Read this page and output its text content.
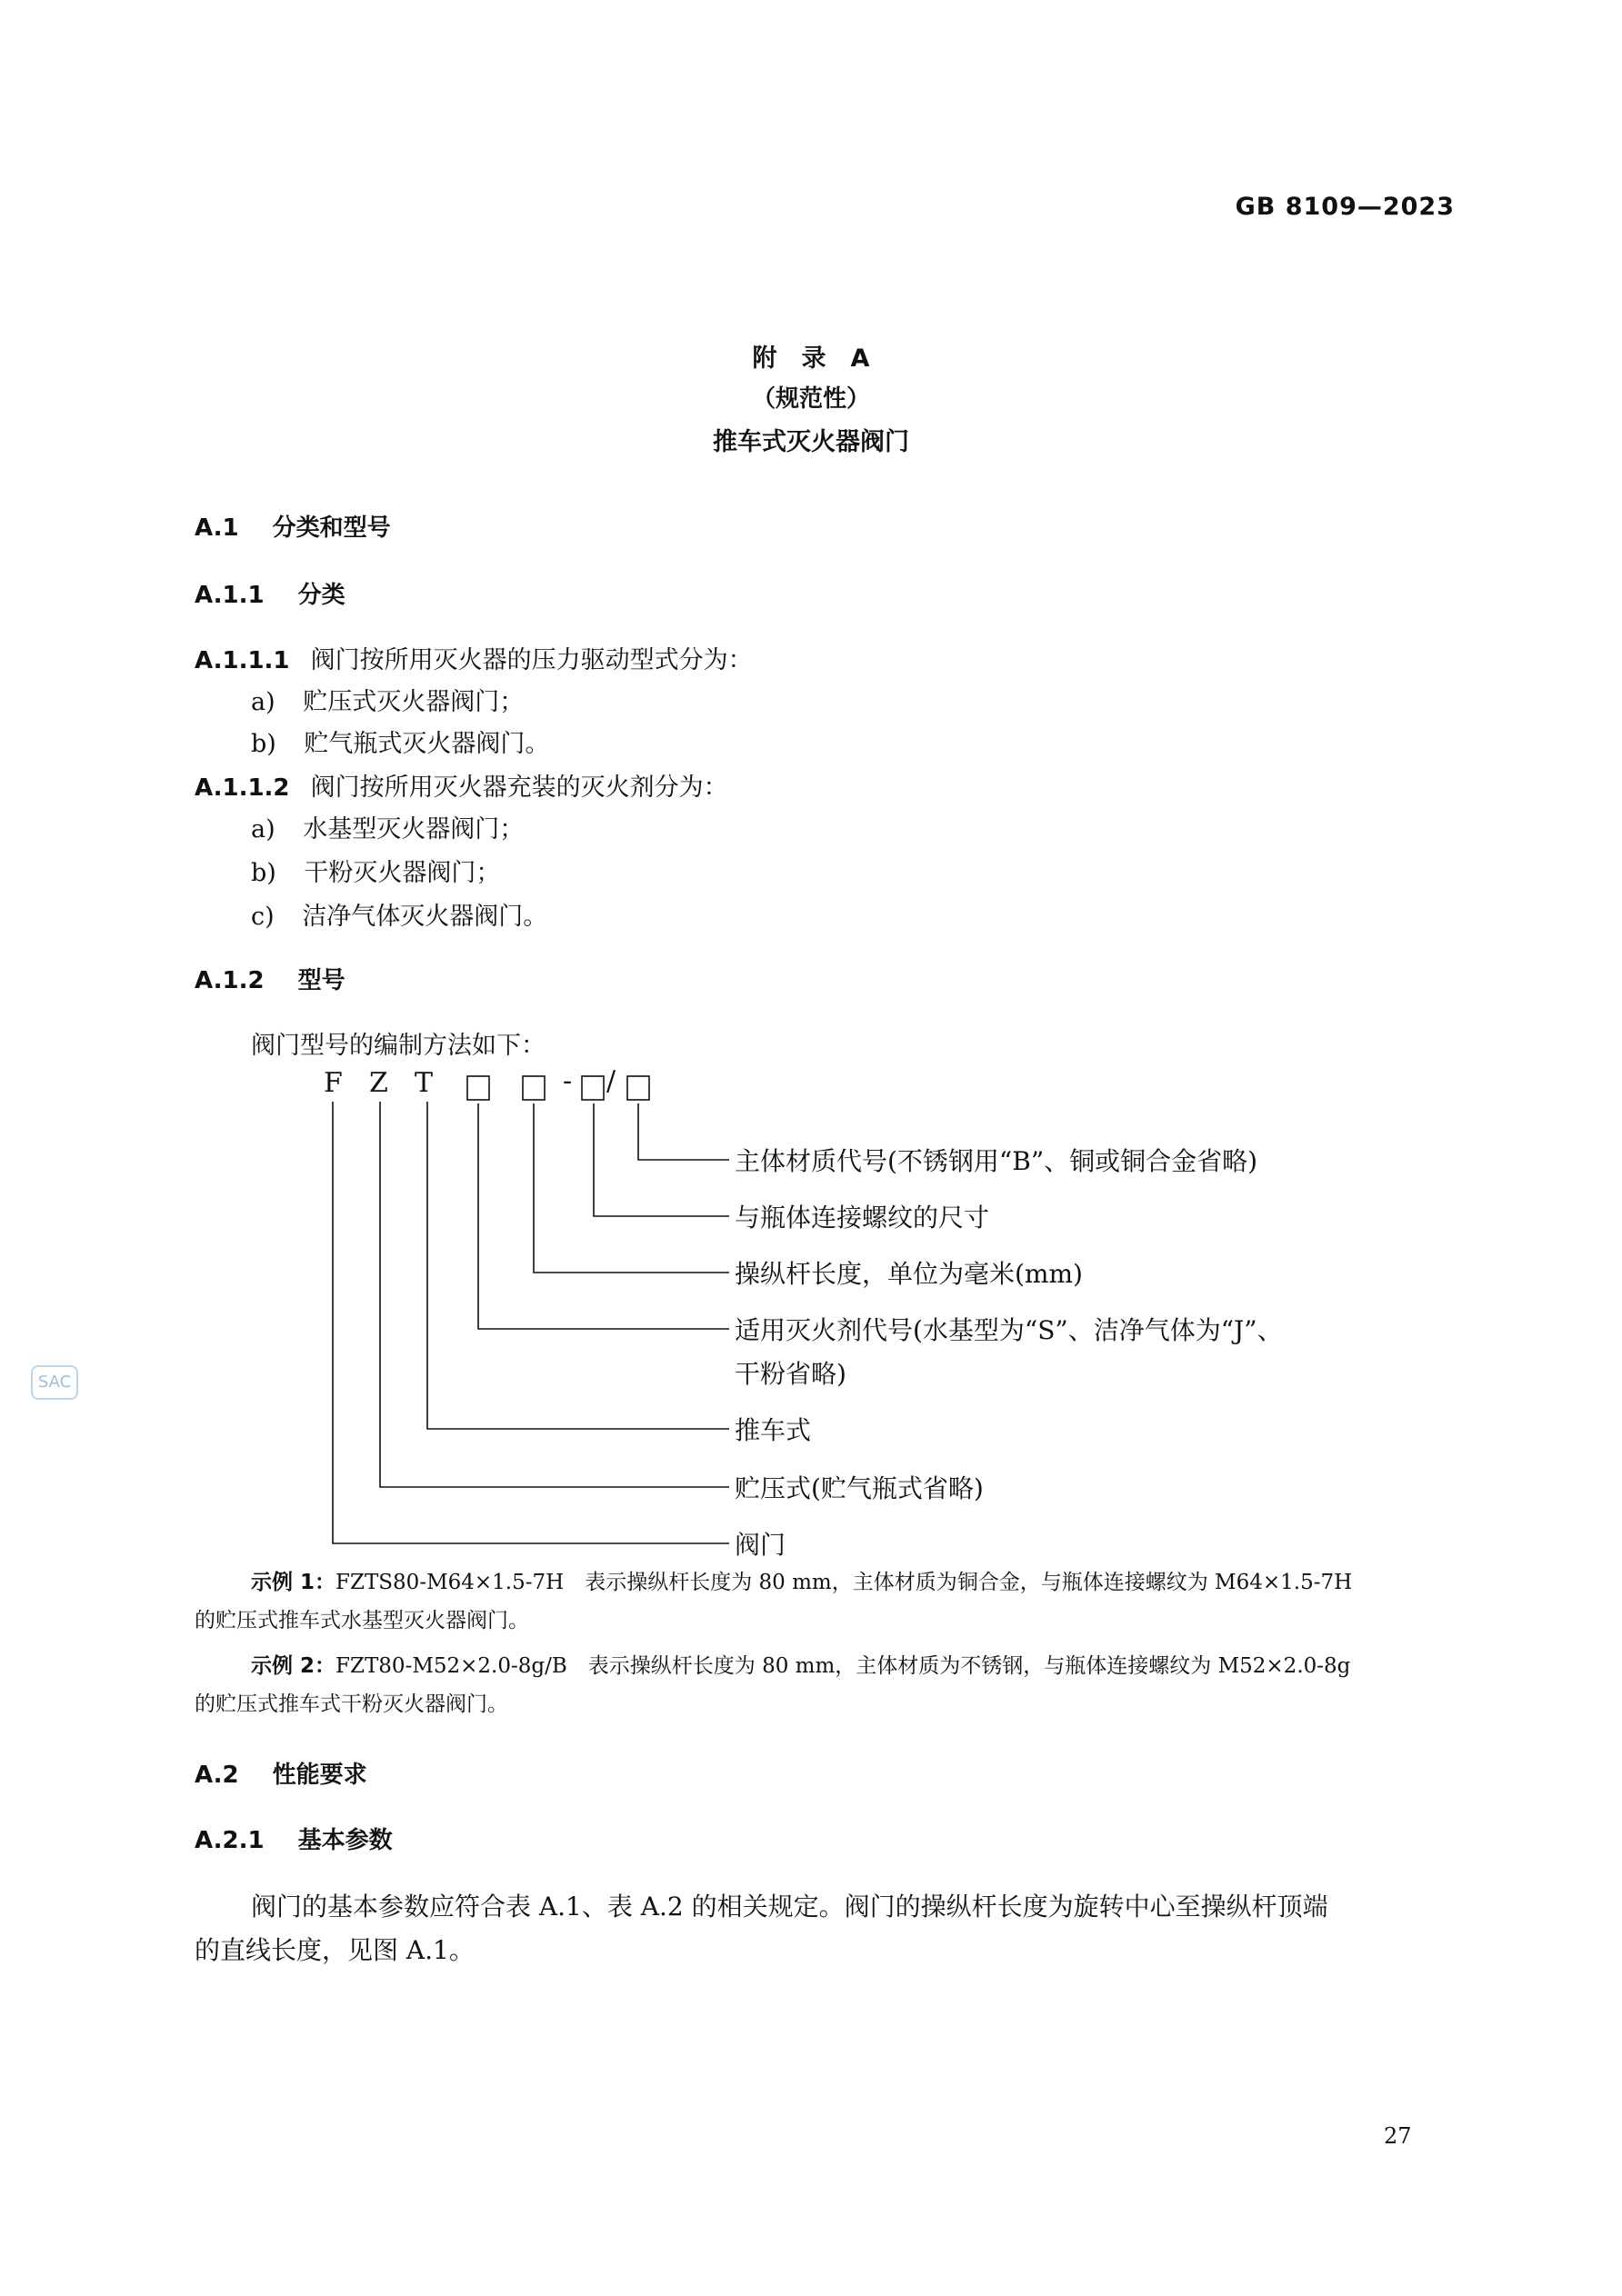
GB 8109—2023
附　录　A
（规范性）
推车式灭火器阀门
A.1 分类和型号
A.1.1 分类
A.1.1.1 阀门按所用灭火器的压力驱动型式分为：
a) 贮压式灭火器阀门；
b) 贮气瓶式灭火器阀门。
A.1.1.2 阀门按所用灭火器充装的灭火剂分为：
a) 水基型灭火器阀门；
b) 干粉灭火器阀门；
c) 洁净气体灭火器阀门。
A.1.2 型号
阀门型号的编制方法如下：
F Z T	- /
主体材质代号(不锈钢用“B”、铜或铜合金省略)
与瓶体连接螺纹的尺寸
操纵杆长度，单位为毫米(mm)
适用灭火剂代号(水基型为“S”、洁净气体为“J”、
干粉省略)
推车式
贮压式(贮气瓶式省略)
阀门
示例 1：FZTS80-M64×1.5-7H　表示操纵杆长度为 80 mm，主体材质为铜合金，与瓶体连接螺纹为 M64×1.5-7H
的贮压式推车式水基型灭火器阀门。
示例 2：FZT80-M52×2.0-8g/B　表示操纵杆长度为 80 mm，主体材质为不锈钢，与瓶体连接螺纹为 M52×2.0-8g
的贮压式推车式干粉灭火器阀门。
A.2 性能要求
A.2.1 基本参数
阀门的基本参数应符合表 A.1、表 A.2 的相关规定。阀门的操纵杆长度为旋转中心至操纵杆顶端
的直线长度，见图 A.1。
SAC
27
